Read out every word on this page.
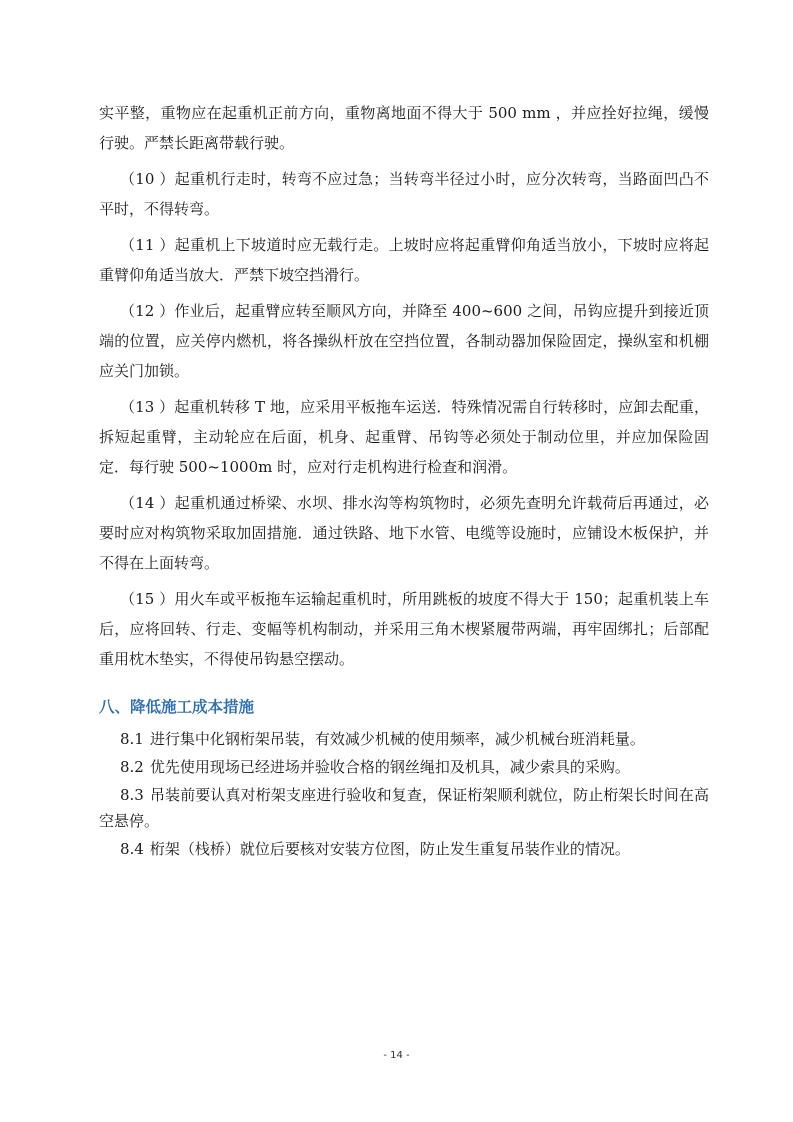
实平整，重物应在起重机正前方向，重物离地面不得大于 500 mm ，并应拴好拉绳，缓慢行驶。严禁长距离带载行驶。

（10 ）起重机行走时，转弯不应过急；当转弯半径过小时，应分次转弯，当路面凹凸不平时，不得转弯。

（11 ）起重机上下坡道时应无载行走。上坡时应将起重臂仰角适当放小，下坡时应将起重臂仰角适当放大．严禁下坡空挡滑行。

（12 ）作业后，起重臂应转至顺风方向，并降至 400~600 之间，吊钩应提升到接近顶端的位置，应关停内燃机，将各操纵杆放在空挡位置，各制动器加保险固定，操纵室和机棚应关门加锁。

（13 ）起重机转移 T 地，应采用平板拖车运送．特殊情况需自行转移时，应卸去配重，拆短起重臂，主动轮应在后面，机身、起重臂、吊钩等必须处于制动位里，并应加保险固定．每行驶 500~1000m 时，应对行走机构进行检查和润滑。

（14 ）起重机通过桥梁、水坝、排水沟等构筑物时，必须先查明允许载荷后再通过，必要时应对构筑物采取加固措施．通过铁路、地下水管、电缆等设施时，应铺设木板保护，并不得在上面转弯。

（15 ）用火车或平板拖车运输起重机时，所用跳板的坡度不得大于 150；起重机装上车后，应将回转、行走、变幅等机构制动，并采用三角木楔紧履带两端，再牢固绑扎；后部配重用枕木垫实，不得使吊钩悬空摆动。

八、降低施工成本措施

8.1 进行集中化钢桁架吊装，有效减少机械的使用频率，减少机械台班消耗量。

8.2 优先使用现场已经进场并验收合格的钢丝绳扣及机具，减少索具的采购。

8.3 吊装前要认真对桁架支座进行验收和复查，保证桁架顺利就位，防止桁架长时间在高空悬停。

8.4 桁架（栈桥）就位后要核对安装方位图，防止发生重复吊装作业的情况。

- 14 -
